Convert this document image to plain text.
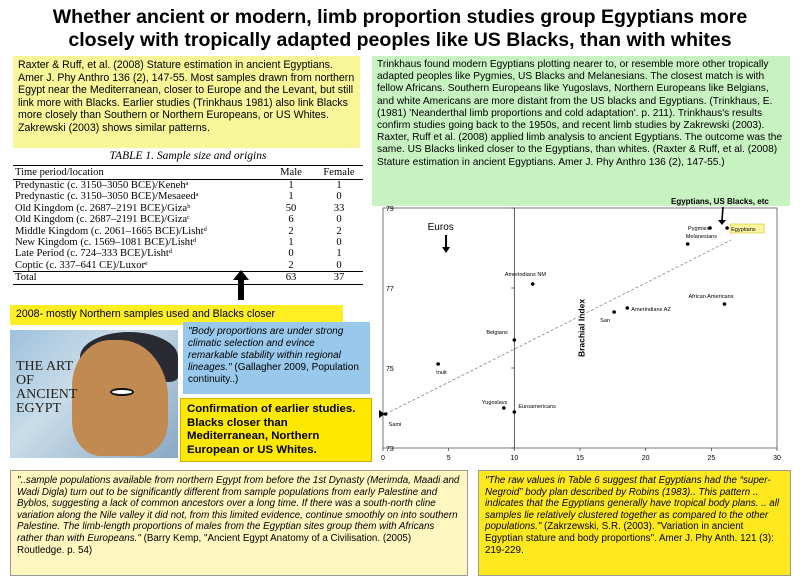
Whether ancient or modern, limb proportion studies group Egyptians more closely with tropically adapted peoples like US Blacks, than with whites
Raxter & Ruff, et al. (2008) Stature estimation in ancient Egyptians. Amer J. Phy Anthro 136 (2), 147-55. Most samples drawn from northern Egypt near the Mediterranean, closer to Europe and the Levant, but still link more with Blacks. Earlier studies (Trinkhaus 1981) also link Blacks more closely than Southern or Northern Europeans, or US Whites. Zakrewski (2003) shows similar patterns.
Trinkhaus found modern Egyptians plotting nearer to, or resemble more other tropically adapted peoples like Pygmies, US Blacks and Melanesians. The closest match is with fellow Africans. Southern Europeans like Yugoslavs, Northern Europeans like Belgians, and white Americans are more distant from the US blacks and Egyptians. (Trinkhaus, E. (1981) 'Neanderthal limb proportions and cold adaptation'. p. 211). Trinkhaus's results confirm studies going back to the 1950s, and recent limb studies by Zakrewski (2003). Raxter, Ruff et al. (2008) applied limb analysis to ancient Egyptians. The outcome was the same. US Blacks linked closer to the Egyptians, than whites. (Raxter & Ruff, et al. (2008) Stature estimation in ancient Egyptians. Amer J. Phy Anthro 136 (2), 147-55.)
TABLE 1. Sample size and origins
Time period/location	Male	Female
Predynastic (c. 3150–3050 BCE)/Kenehᵃ	1	1
Predynastic (c. 3150–3050 BCE)/Mesaeedᵃ	1	0
Old Kingdom (c. 2687–2191 BCE)/Gizaᵇ	50	33
Old Kingdom (c. 2687–2191 BCE)/Gizaᶜ	6	0
Middle Kingdom (c. 2061–1665 BCE)/Lishtᵈ	2	2
New Kingdom (c. 1569–1081 BCE)/Lishtᵈ	1	0
Late Period (c. 724–333 BCE)/Lishtᵈ	0	1
Coptic (c. 337–641 CE)/Luxorᵉ	2	0
Total	63	37
2008- mostly Northern samples used and Blacks closer
THE ART OF ANCIENT EGYPT
"Body proportions are under strong climatic selection and evince remarkable stability within regional lineages." (Gallagher 2009, Population continuity..)
Confirmation of earlier studies. Blacks closer than Mediterranean, Northern European or US Whites.
0	5	10	15	20	25	30
73
75
77
79
Brachial Index
Sami
Inuit
Yugoslavs
Euroamericans
Belgians
Amerindians NM
San
Amerindians AZ
African Americans
Melanesians
Pygmies	Egyptians
Euros
Egyptians, US Blacks, etc
"..sample populations available from northern Egypt from before the 1st Dynasty (Merimda, Maadi and Wadi Digla) turn out to be significantly different from sample populations from early Palestine and Byblos, suggesting a lack of common ancestors over a long time. If there was a south-north cline variation along the Nile valley it did not, from this limited evidence, continue smoothly on into southern Palestine. The limb-length proportions of males from the Egyptian sites group them with Africans rather than with Europeans." (Barry Kemp, "Ancient Egypt Anatomy of a Civilisation. (2005) Routledge. p. 54)
"The raw values in Table 6 suggest that Egyptians had the “super-Negroid” body plan described by Robins (1983).. This pattern .. indicates that the Egyptians generally have tropical body plans. .. all samples lie relatively clustered together as compared to the other populations." (Zakrzewski, S.R. (2003). "Variation in ancient Egyptian stature and body proportions". Amer J. Phy Anth. 121 (3): 219-229.
